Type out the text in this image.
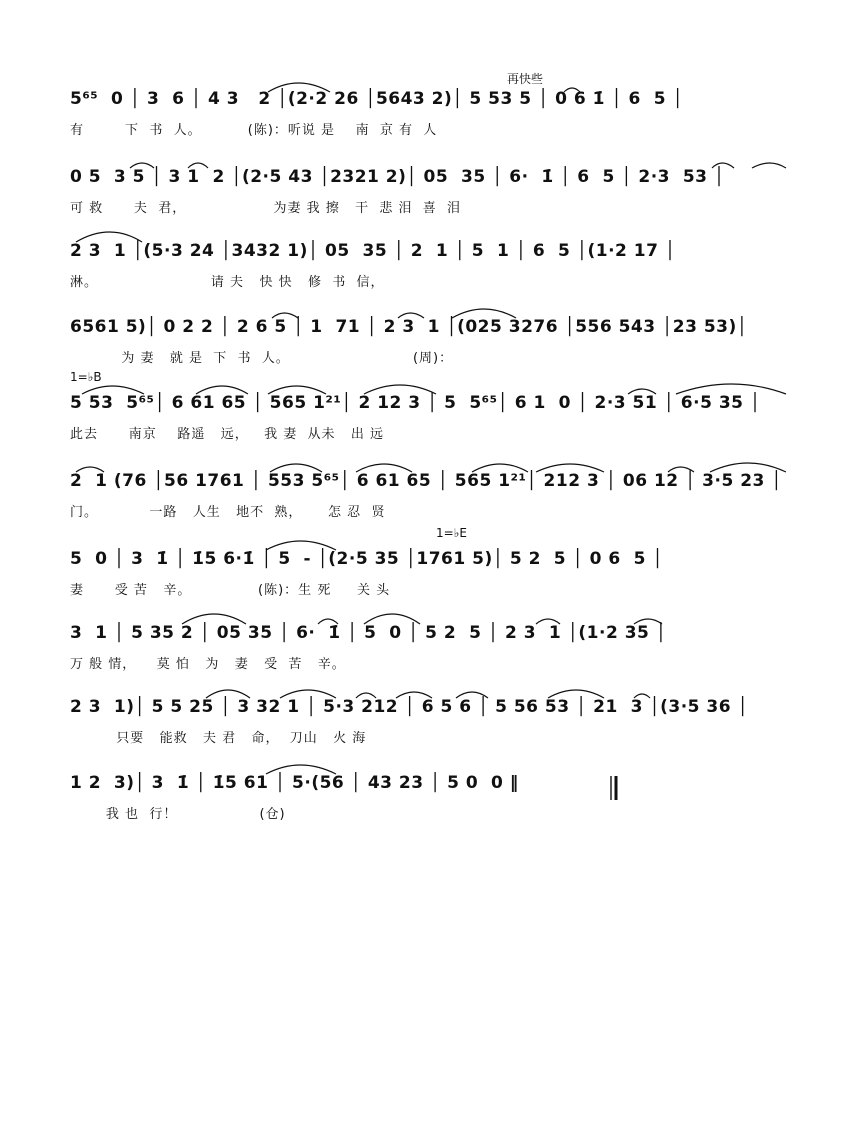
再快些
5⁶⁵  0 │ 3  6 │ 4 3   2 │(2·2 26 │5643 2)│ 5 53 5 │ 0 6 1̇ │ 6  5 │
有        下  书  人。         (陈)：听说 是    南  京 有  人
0 5  3 5 │ 3 1  2 │(2·5 43 │2321 2)│ 05  35 │ 6·  1̇ │ 6  5 │ 2·3  53 │
可 救      夫  君，                 为妻 我 擦   干  悲 泪  喜  泪
2 3  1 │(5·3 24 │3432 1)│ 05  35 │ 2  1 │ 5  1 │ 6  5 │(1·2 17 │
淋。                      请 夫   快 快   修  书  信，
6561 5)│ 0 2 2 │ 2 6 5 │ 1  71 │ 2 3  1 │(025 3276 │556 543 │23 53)│
为 妻   就 是  下  书  人。                        (周)：
1=♭B
5 53  5⁶⁵│ 6 61 65 │ 565 1²¹│ 2 12 3 │ 5  5⁶⁵│ 6 1  0 │ 2·3 51 │ 6·5 35 │
此去      南京    路遥   远，   我 妻  从未   出 远
2  1 (76 │56 1761 │ 553 5⁶⁵│ 6 61 65 │ 565 1²¹│ 212 3 │ 06 12 │ 3·5 23 │
门。          一路   人生   地不  熟，     怎 忍  贤
1=♭E
5  0 │ 3  1̇ │ 1̇5 6·1̇ │ 5  - │(2·5 35 │1761 5)│ 5 2  5 │ 0 6  5 │
妻      受 苦   辛。             (陈)：生 死     关 头
3  1 │ 5 35 2 │ 05 35 │ 6·  1̇ │ 5  0 │ 5 2  5 │ 2 3  1 │(1·2 35 │
万 般 情，    莫 怕   为   妻   受  苦   辛。
2 3  1)│ 5 5 25 │ 3 32 1 │ 5·3 212 │ 6 5 6 │ 5 56 53 │ 21  3 │(3·5 36 │
只要   能救   夫 君   命，  刀山   火 海
1 2  3)│ 3  1̇ │ 1̇5 61 │ 5·(56 │ 43 23 │ 5 0  0 ‖
我 也  行！                (仓)
